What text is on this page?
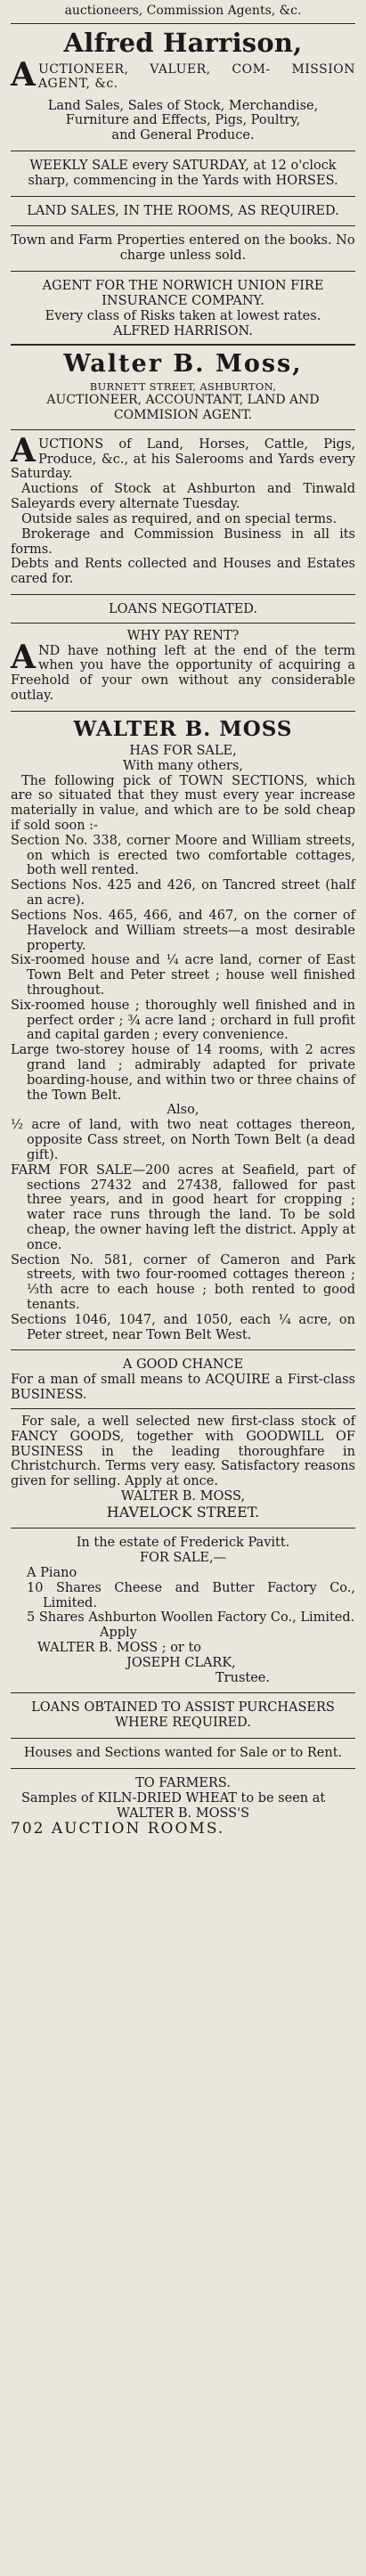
auctioneers, Commission Agents, &c.

Alfred Harrison,

A UCTIONEER, VALUER, COM- MISSION AGENT, &c.

Land Sales, Sales of Stock, Merchandise,

Furniture and Effects, Pigs, Poultry,

and General Produce.

WEEKLY SALE every SATURDAY, at 12 o'clock sharp, commencing in the Yards with HORSES.

LAND SALES, IN THE ROOMS, AS REQUIRED.

Town and Farm Properties entered on the books. No charge unless sold.

AGENT FOR THE NORWICH UNION FIRE INSURANCE COMPANY.

Every class of Risks taken at lowest rates.

ALFRED HARRISON.

Walter B. Moss,

BURNETT STREET, ASHBURTON,

AUCTIONEER, ACCOUNTANT, LAND AND COMMISION AGENT.

A UCTIONS of Land, Horses, Cattle, Pigs, Produce, &c., at his Salerooms and Yards every Saturday.

Auctions of Stock at Ashburton and Tinwald Saleyards every alternate Tuesday.

Outside sales as required, and on special terms.

Brokerage and Commission Business in all its forms.

Debts and Rents collected and Houses and Estates cared for.

LOANS NEGOTIATED.

WHY PAY RENT?

A ND have nothing left at the end of the term when you have the opportunity of acquiring a Freehold of your own without any considerable outlay.

WALTER B. MOSS

HAS FOR SALE,

With many others,

The following pick of TOWN SECTIONS, which are so situated that they must every year increase materially in value, and which are to be sold cheap if sold soon :-

Section No. 338, corner Moore and William streets, on which is erected two comfortable cottages, both well rented.

Sections Nos. 425 and 426, on Tancred street (half an acre).

Sections Nos. 465, 466, and 467, on the corner of Havelock and William streets—a most desirable property.

Six-roomed house and ¼ acre land, corner of East Town Belt and Peter street ; house well finished throughout.

Six-roomed house ; thoroughly well finished and in perfect order ; ¾ acre land ; orchard in full profit and capital garden ; every convenience.

Large two-storey house of 14 rooms, with 2 acres grand land ; admirably adapted for private boarding-house, and within two or three chains of the Town Belt.

Also,

½ acre of land, with two neat cottages thereon, opposite Cass street, on North Town Belt (a dead gift).

FARM FOR SALE—200 acres at Seafield, part of sections 27432 and 27438, fallowed for past three years, and in good heart for cropping ; water race runs through the land. To be sold cheap, the owner having left the district. Apply at once.

Section No. 581, corner of Cameron and Park streets, with two four-roomed cottages thereon ; ⅓th acre to each house ; both rented to good tenants.

Sections 1046, 1047, and 1050, each ¼ acre, on Peter street, near Town Belt West.

A GOOD CHANCE

For a man of small means to ACQUIRE a First-class BUSINESS.

For sale, a well selected new first-class stock of FANCY GOODS, together with GOODWILL OF BUSINESS in the leading thoroughfare in Christchurch. Terms very easy. Satisfactory reasons given for selling. Apply at once.

WALTER B. MOSS,

HAVELOCK STREET.

In the estate of Frederick Pavitt.

FOR SALE,—

A Piano

10 Shares Cheese and Butter Factory Co., Limited.

5 Shares Ashburton Woollen Factory Co., Limited.

Apply

WALTER B. MOSS ; or to

JOSEPH CLARK,

Trustee.

LOANS OBTAINED TO ASSIST PURCHASERS WHERE REQUIRED.

Houses and Sections wanted for Sale or to Rent.

TO FARMERS.

Samples of KILN-DRIED WHEAT to be seen at

WALTER B. MOSS'S

702 AUCTION ROOMS.
